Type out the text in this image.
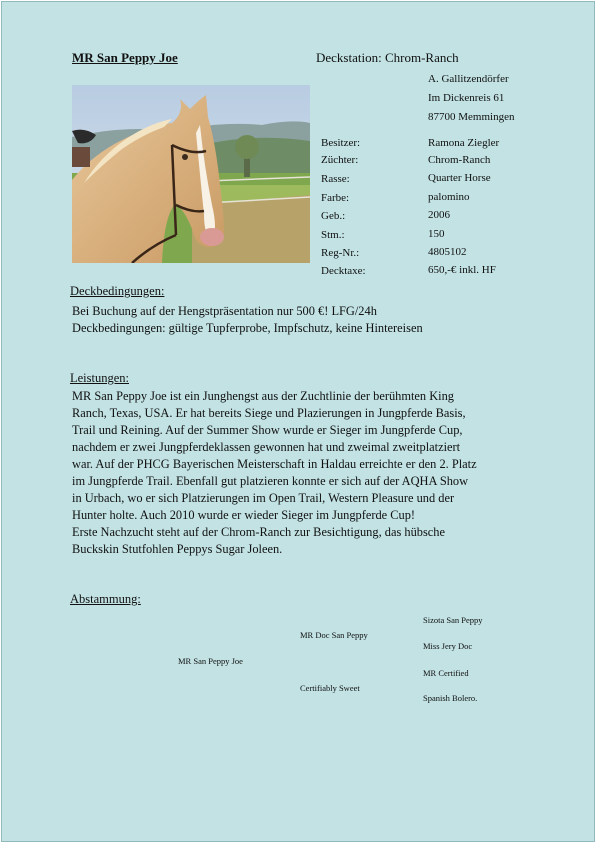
MR San Peppy Joe	Deckstation: Chrom-Ranch
A. Gallitzendörfer
Im Dickenreis 61
87700 Memmingen
Besitzer:	Ramona Ziegler
Züchter:	Chrom-Ranch
Rasse:	Quarter Horse
Farbe:	palomino
Geb.:	2006
Stm.:	150
Reg-Nr.:	4805102
Decktaxe:	650,-€ inkl. HF
Deckbedingungen:
Bei Buchung auf der Hengstpräsentation nur 500 €! LFG/24h
Deckbedingungen: gültige Tupferprobe, Impfschutz, keine Hintereisen
Leistungen:
MR San Peppy Joe ist ein Junghengst aus der Zuchtlinie der berühmten King
Ranch, Texas, USA. Er hat bereits Siege und Plazierungen in Jungpferde Basis,
Trail und Reining. Auf der Summer Show wurde er Sieger im Jungpferde Cup,
nachdem er zwei Jungpferdeklassen gewonnen hat und zweimal zweitplatziert
war. Auf der PHCG Bayerischen Meisterschaft in Haldau erreichte er den 2. Platz
im Jungpferde Trail. Ebenfall gut platzieren konnte er sich auf der AQHA Show
in Urbach, wo er sich Platzierungen im Open Trail, Western Pleasure und der
Hunter holte. Auch 2010 wurde er wieder Sieger im Jungpferde Cup!
Erste Nachzucht steht auf der Chrom-Ranch zur Besichtigung, das hübsche
Buckskin Stutfohlen Peppys Sugar Joleen.
Abstammung:
MR San Peppy Joe
MR Doc San Peppy
Certifiably Sweet
Sizota San Peppy
Miss Jery Doc
MR Certified
Spanish Bolero.
